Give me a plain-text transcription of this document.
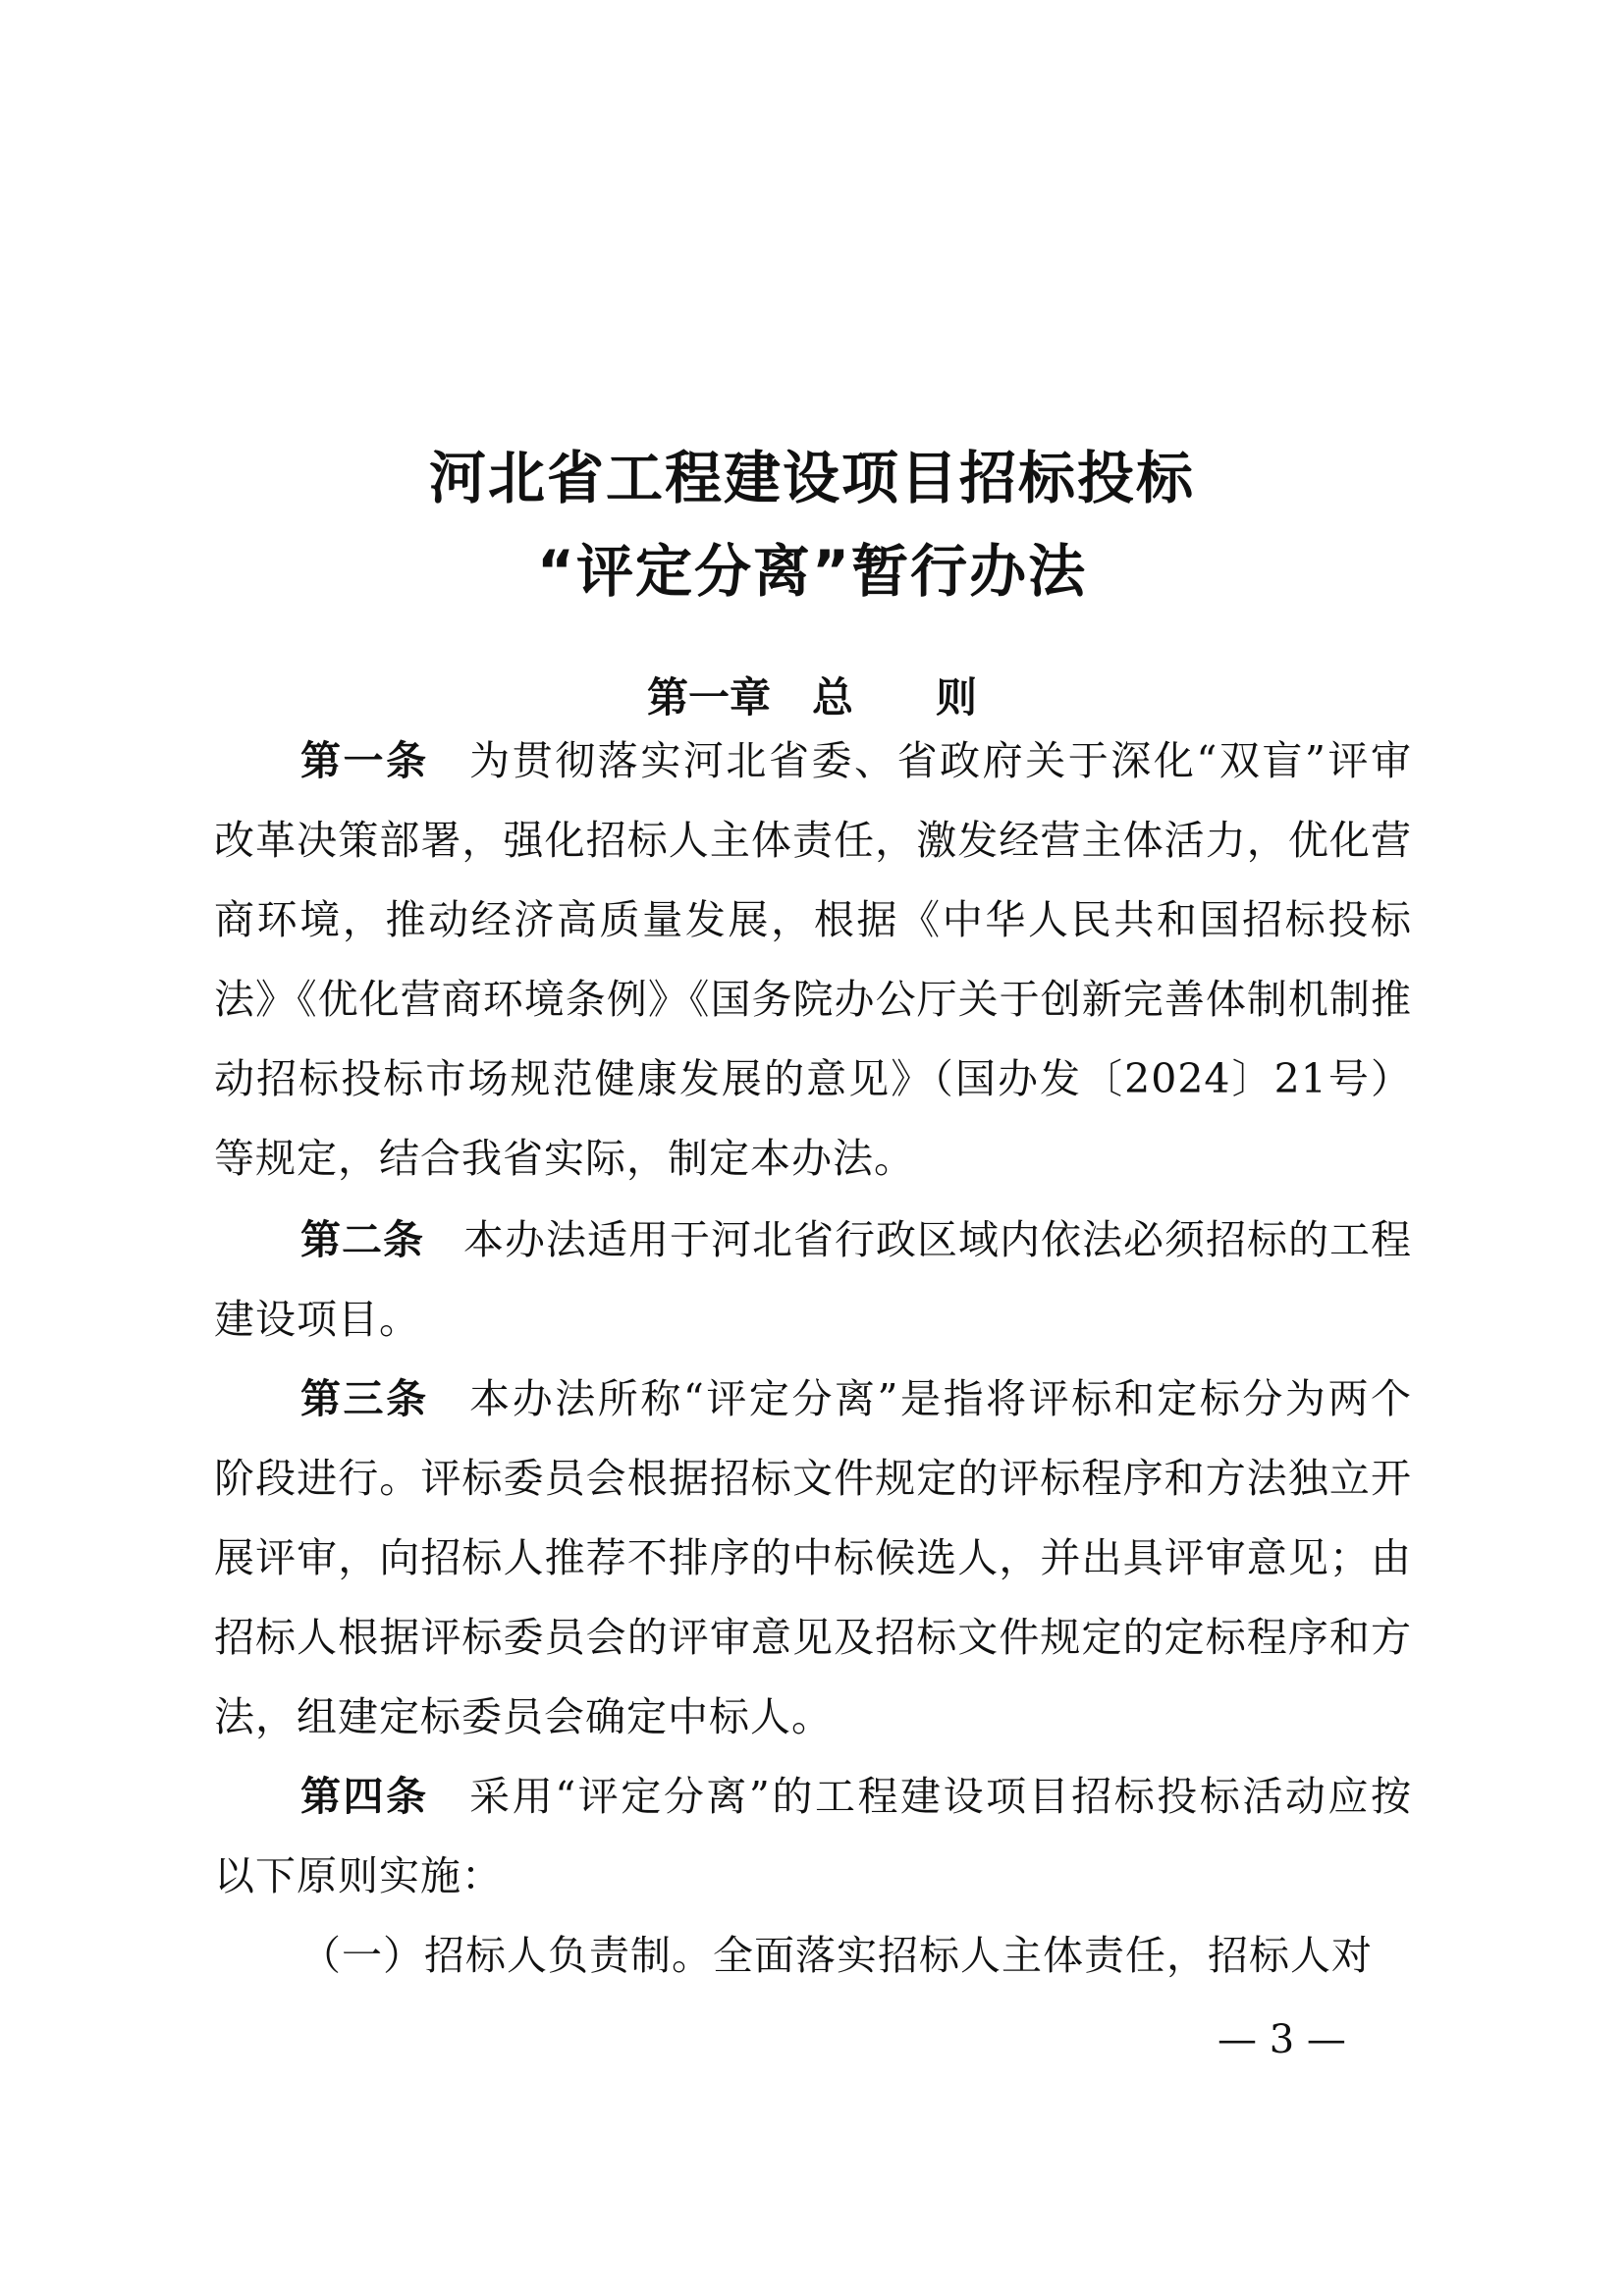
河北省工程建设项目招标投标
“评定分离”暂行办法
第一章　总　　则

第一条 为贯彻落实河北省委、省政府关于深化“双盲”评审改革决策部署，强化招标人主体责任，激发经营主体活力，优化营商环境，推动经济高质量发展，根据《中华人民共和国招标投标法》《优化营商环境条例》《国务院办公厅关于创新完善体制机制推动招标投标市场规范健康发展的意见》（国办发〔2024〕21号）等规定，结合我省实际，制定本办法。

第二条 本办法适用于河北省行政区域内依法必须招标的工程建设项目。

第三条 本办法所称“评定分离”是指将评标和定标分为两个阶段进行。评标委员会根据招标文件规定的评标程序和方法独立开展评审，向招标人推荐不排序的中标候选人，并出具评审意见；由招标人根据评标委员会的评审意见及招标文件规定的定标程序和方法，组建定标委员会确定中标人。

第四条 采用“评定分离”的工程建设项目招标投标活动应按以下原则实施：

（一）招标人负责制。全面落实招标人主体责任，招标人对

— 3 —
